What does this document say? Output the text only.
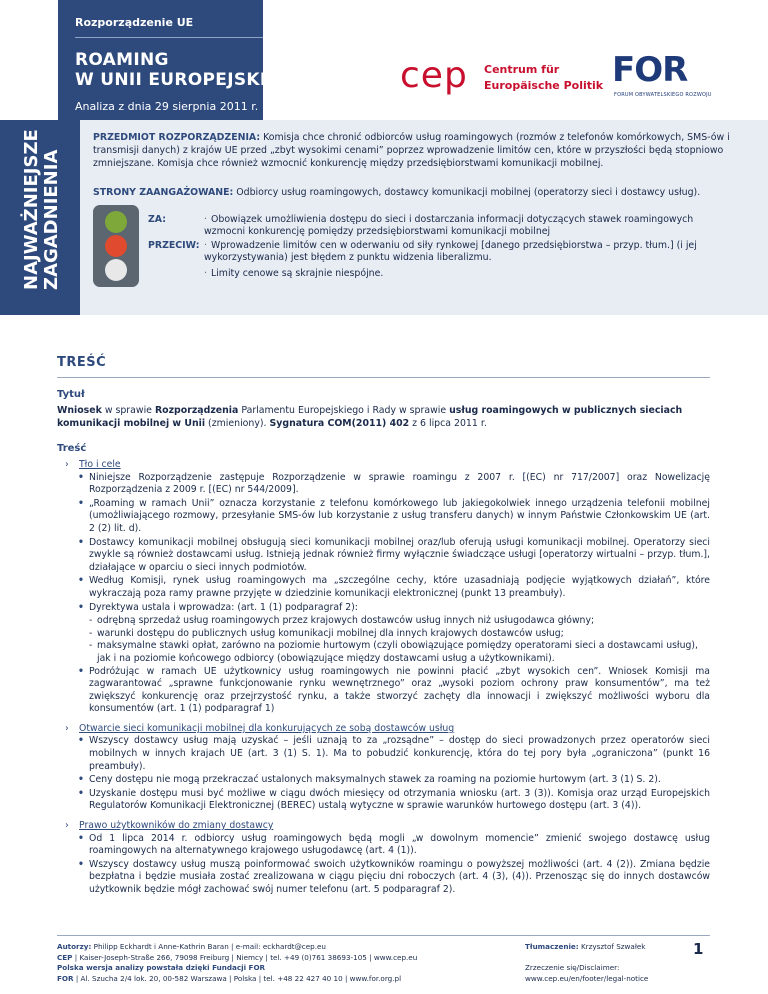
Rozporządzenie UE
ROAMING
W UNII EUROPEJSKIEJ
Analiza z dnia 29 sierpnia 2011 r.
cep Centrum für
Europäische Politik FOR
FORUM OBYWATELSKIEGO ROZWOJU
NAJWAŻNIEJSZE ZAGADNIENIA
PRZEDMIOT ROZPORZĄDZENIA: Komisja chce chronić odbiorców usług roamingowych (rozmów z telefonów komórkowych, SMS-ów i transmisji danych) z krajów UE przed „zbyt wysokimi cenami” poprzez wprowadzenie limitów cen, które w przyszłości będą stopniowo zmniejszane. Komisja chce również wzmocnić konkurencję między przedsiębiorstwami komunikacji mobilnej.
STRONY ZAANGAŻOWANE: Odbiorcy usług roamingowych, dostawcy komunikacji mobilnej (operatorzy sieci i dostawcy usług).
ZA:	· Obowiązek umożliwienia dostępu do sieci i dostarczania informacji dotyczących stawek roamingowych wzmocni konkurencję pomiędzy przedsiębiorstwami komunikacji mobilnej
PRZECIW: · Wprowadzenie limitów cen w oderwaniu od siły rynkowej [danego przedsiębiorstwa – przyp. tłum.] (i jej wykorzystywania) jest błędem z punktu widzenia liberalizmu.
· Limity cenowe są skrajnie niespójne.
TREŚĆ
Tytuł
Wniosek w sprawie Rozporządzenia Parlamentu Europejskiego i Rady w sprawie usług roamingowych w publicznych sieciach komunikacji mobilnej w Unii (zmieniony). Sygnatura COM(2011) 402 z 6 lipca 2011 r.
Treść
› Tło i cele
• Niniejsze Rozporządzenie zastępuje Rozporządzenie w sprawie roamingu z 2007 r. [(EC) nr 717/2007] oraz Nowelizację Rozporządzenia z 2009 r. [(EC) nr 544/2009].
• „Roaming w ramach Unii” oznacza korzystanie z telefonu komórkowego lub jakiegokolwiek innego urządzenia telefonii mobilnej (umożliwiającego rozmowy, przesyłanie SMS-ów lub korzystanie z usług transferu danych) w innym Państwie Członkowskim UE (art. 2 (2) lit. d).
• Dostawcy komunikacji mobilnej obsługują sieci komunikacji mobilnej oraz/lub oferują usługi komunikacji mobilnej. Operatorzy sieci zwykle są również dostawcami usług. Istnieją jednak również firmy wyłącznie świadczące usługi [operatorzy wirtualni – przyp. tłum.], działające w oparciu o sieci innych podmiotów.
• Według Komisji, rynek usług roamingowych ma „szczególne cechy, które uzasadniają podjęcie wyjątkowych działań”, które wykraczają poza ramy prawne przyjęte w dziedzinie komunikacji elektronicznej (punkt 13 preambuły).
• Dyrektywa ustala i wprowadza: (art. 1 (1) podparagraf 2):
- odrębną sprzedaż usług roamingowych przez krajowych dostawców usług innych niż usługodawca główny;
- warunki dostępu do publicznych usług komunikacji mobilnej dla innych krajowych dostawców usług;
- maksymalne stawki opłat, zarówno na poziomie hurtowym (czyli obowiązujące pomiędzy operatorami sieci a dostawcami usług), jak i na poziomie końcowego odbiorcy (obowiązujące między dostawcami usług a użytkownikami).
• Podróżując w ramach UE użytkownicy usług roamingowych nie powinni płacić „zbyt wysokich cen”. Wniosek Komisji ma zagwarantować „sprawne funkcjonowanie rynku wewnętrznego” oraz „wysoki poziom ochrony praw konsumentów”, ma też zwiększyć konkurencję oraz przejrzystość rynku, a także stworzyć zachęty dla innowacji i zwiększyć możliwości wyboru dla konsumentów (art. 1 (1) podparagraf 1)
› Otwarcie sieci komunikacji mobilnej dla konkurujących ze sobą dostawców usług
• Wszyscy dostawcy usług mają uzyskać – jeśli uznają to za „rozsądne” – dostęp do sieci prowadzonych przez operatorów sieci mobilnych w innych krajach UE (art. 3 (1) S. 1). Ma to pobudzić konkurencję, która do tej pory była „ograniczona” (punkt 16 preambuły).
• Ceny dostępu nie mogą przekraczać ustalonych maksymalnych stawek za roaming na poziomie hurtowym (art. 3 (1) S. 2).
• Uzyskanie dostępu musi być możliwe w ciągu dwóch miesięcy od otrzymania wniosku (art. 3 (3)). Komisja oraz urząd Europejskich Regulatorów Komunikacji Elektronicznej (BEREC) ustalą wytyczne w sprawie warunków hurtowego dostępu (art. 3 (4)).
› Prawo użytkowników do zmiany dostawcy
• Od 1 lipca 2014 r. odbiorcy usług roamingowych będą mogli „w dowolnym momencie” zmienić swojego dostawcę usług roamingowych na alternatywnego krajowego usługodawcę (art. 4 (1)).
• Wszyscy dostawcy usług muszą poinformować swoich użytkowników roamingu o powyższej możliwości (art. 4 (2)). Zmiana będzie bezpłatna i będzie musiała zostać zrealizowana w ciągu pięciu dni roboczych (art. 4 (3), (4)). Przenosząc się do innych dostawców użytkownik będzie mógł zachować swój numer telefonu (art. 5 podparagraf 2).
Autorzy: Philipp Eckhardt i Anne-Kathrin Baran | e-mail: eckhardt@cep.eu
CEP | Kaiser-Joseph-Straße 266, 79098 Freiburg | Niemcy | tel. +49 (0)761 38693-105 | www.cep.eu
Polska wersja analizy powstała dzięki Fundacji FOR
FOR | Al. Szucha 2/4 lok. 20, 00-582 Warszawa | Polska | tel. +48 22 427 40 10 | www.for.org.pl
Tłumaczenie: Krzysztof Szwałek
Zrzeczenie się/Disclaimer:
www.cep.eu/en/footer/legal-notice
1
